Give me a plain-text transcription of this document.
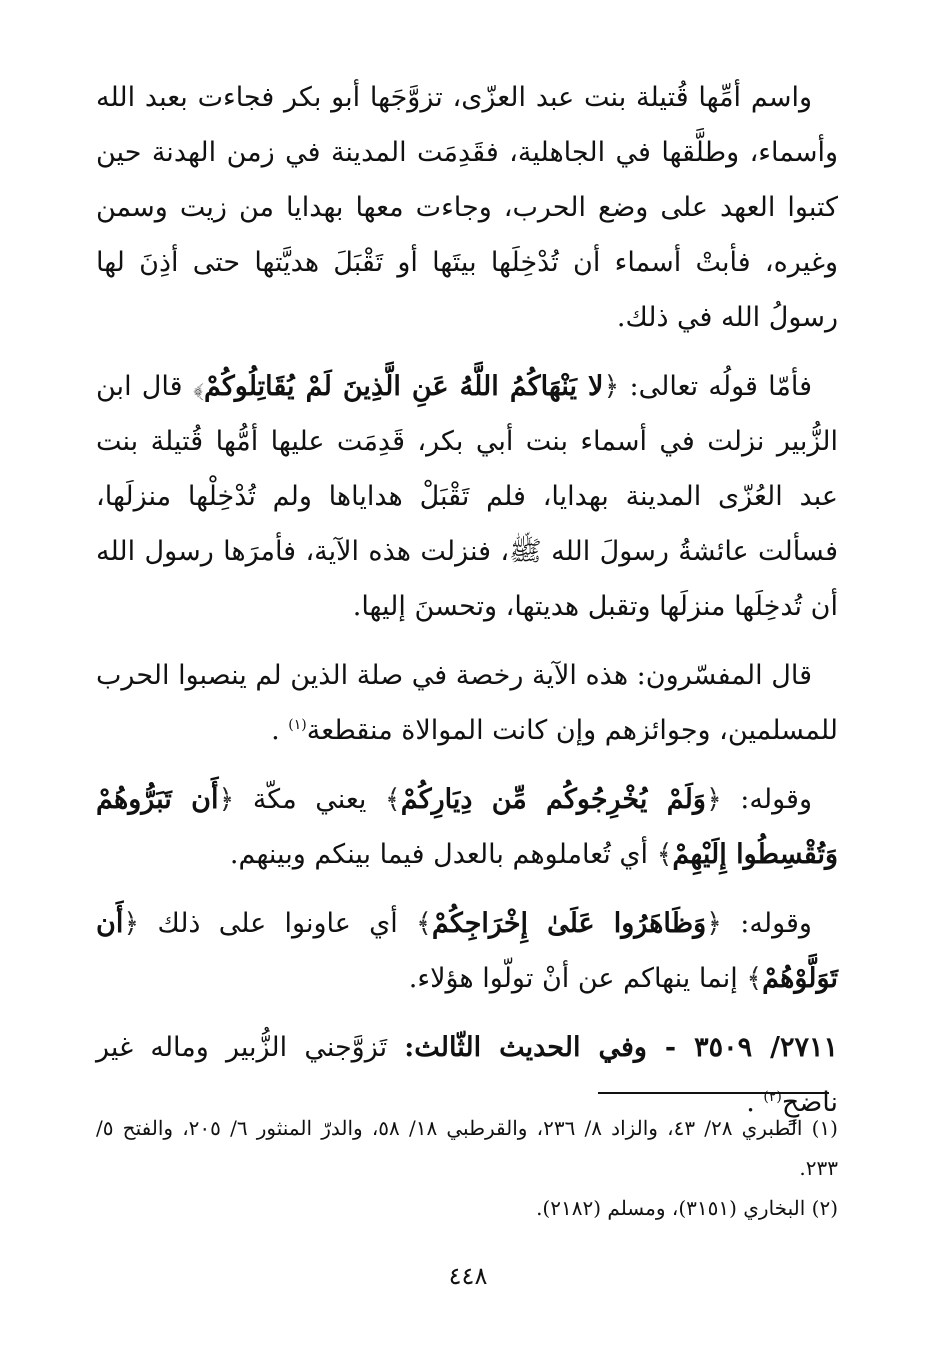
واسم أمِّها قُتيلة بنت عبد العزّى، تزوَّجَها أبو بكر فجاءت بعبد الله وأسماء، وطلَّقها في الجاهلية، فقَدِمَت المدينة في زمن الهدنة حين كتبوا العهد على وضع الحرب، وجاءت معها بهدايا من زيت وسمن وغيره، فأبتْ أسماء أن تُدْخِلَها بيتَها أو تَقْبَلَ هديَّتها حتى أذِنَ لها رسولُ الله في ذلك.

فأمّا قولُه تعالى: ﴿لا يَنْهَاكُمُ اللَّهُ عَنِ الَّذِينَ لَمْ يُقَاتِلُوكُمْ﴾ قال ابن الزُّبير نزلت في أسماء بنت أبي بكر، قَدِمَت عليها أمُّها قُتيلة بنت عبد العُزّى المدينة بهدايا، فلم تَقْبَلْ هداياها ولم تُدْخِلْها منزلَها، فسألت عائشةُ رسولَ الله ﷺ، فنزلت هذه الآية، فأمرَها رسول الله أن تُدخِلَها منزلَها وتقبل هديتها، وتحسنَ إليها.

قال المفسّرون: هذه الآية رخصة في صلة الذين لم ينصبوا الحرب للمسلمين، وجوائزهم وإن كانت الموالاة منقطعة$^{(١)}$ .

وقوله: ﴿وَلَمْ يُخْرِجُوكُم مِّن دِيَارِكُمْ﴾ يعني مكّة ﴿أَن تَبَرُّوهُمْ وَتُقْسِطُوا إِلَيْهِمْ﴾ أي تُعاملوهم بالعدل فيما بينكم وبينهم.

وقوله: ﴿وَظَاهَرُوا عَلَىٰ إِخْرَاجِكُمْ﴾ أي عاونوا على ذلك ﴿أَن تَوَلَّوْهُمْ﴾ إنما ينهاكم عن أنْ تولّوا هؤلاء.

٢٧١١/ ٣٥٠٩ - وفي الحديث الثّالث: تَزوَّجني الزُّبير وماله غير ناضحٍ$^{(٢)}$ .

(١) الطبري ٢٨/ ٤٣، والزاد ٨/ ٢٣٦، والقرطبي ١٨/ ٥٨، والدرّ المنثور ٦/ ٢٠٥، والفتح ٥/ ٢٣٣.

(٢) البخاري (٣١٥١)، ومسلم (٢١٨٢).

٤٤٨
